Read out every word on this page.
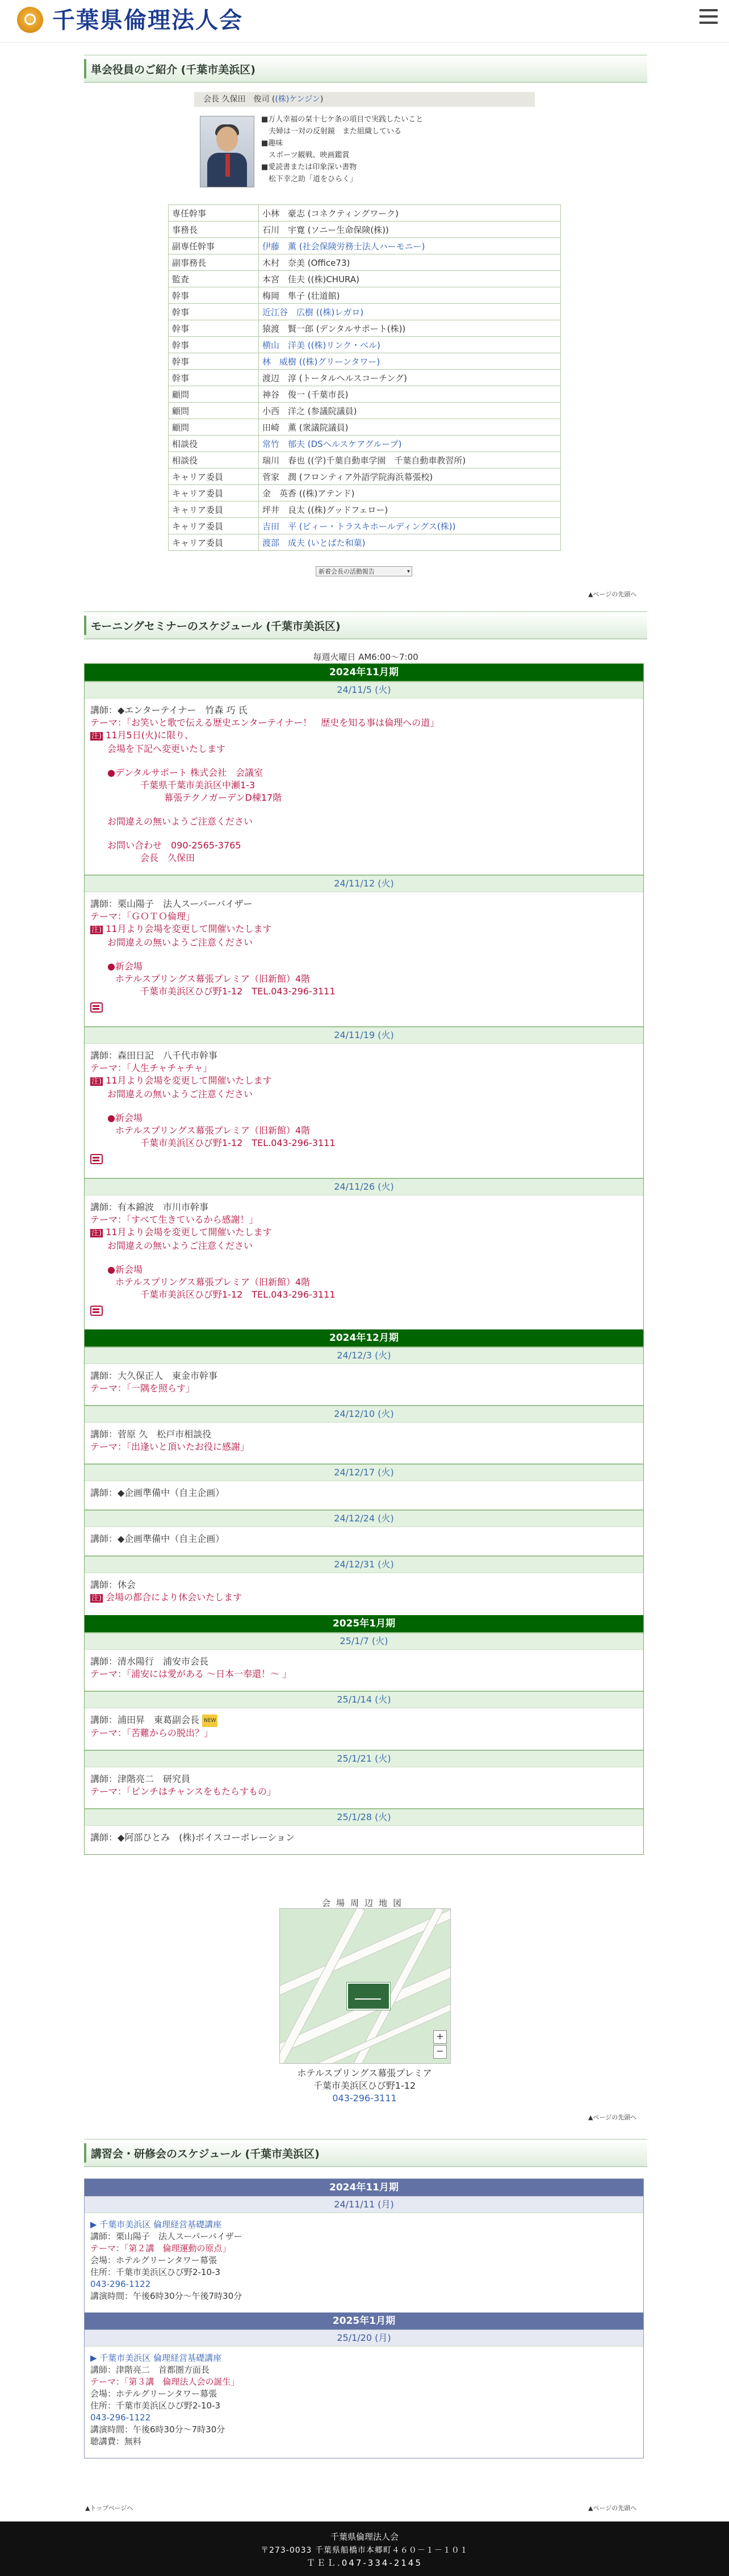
千葉県倫理法人会
単会役員のご紹介 (千葉市美浜区)
会長 久保田　俊司 ((株)ケンジン)
■万人幸福の栞十七ケ条の項目で実践したいこと
　夫婦は一対の反射鏡　また組織している
■趣味
　スポーツ観戦、映画鑑賞
■愛読書または印象深い書物
　松下幸之助「道をひらく」
専任幹事	小林　豪志 (コネクティングワーク)
事務長	石川　宇寛 (ソニー生命保険(株))
副専任幹事	伊藤　薫 (社会保険労務士法人ハーモニー)
副事務長	木村　奈美 (Office73)
監査	本宮　佳夫 ((株)CHURA)
幹事	梅岡　隼子 (壮道館)
幹事	近江谷　広樹 ((株)レガロ)
幹事	猿渡　賢一郎 (デンタルサポート(株))
幹事	横山　洋美 ((株)リンク・ベル)
幹事	林　威樹 ((株)グリーンタワー)
幹事	渡辺　淳 (トータルヘルスコーチング)
顧問	神谷　俊一 (千葉市長)
顧問	小西　洋之 (参議院議員)
顧問	田崎　薫 (衆議院議員)
相談役	常竹　郁夫 (DSヘルスケアグループ)
相談役	瑞川　春也 ((学)千葉自動車学園　千葉自動車教習所)
キャリア委員	菅家　潤 (フロンティア外語学院海浜幕張校)
キャリア委員	金　英香 ((株)アテンド)
キャリア委員	坪井　良太 ((株)グッドフェロー)
キャリア委員	吉田　平 (ビィー・トラスキホールディングス(株))
キャリア委員	渡部　成夫 (いとばた和菓)
新着会長の活動報告 ▾
▲ページの先頭へ
モーニングセミナーのスケジュール (千葉市美浜区)
毎週火曜日 AM6:00〜7:00
2024年11月期
24/11/5 (火)
講師：◆エンターテイナー　竹森 巧 氏
テーマ：「お笑いと歌で伝える歴史エンターテイナー！　歴史を知る事は倫理への道」
注) 11月5日(火)に限り、
会場を下記へ変更いたします
●デンタルサポート 株式会社　会議室
千葉県千葉市美浜区中瀬1-3
幕張テクノガーデンD棟17階
お間違えの無いようご注意ください
お問い合わせ　090-2565-3765
会長　久保田
24/11/12 (火)
講師：栗山陽子　法人スーパーバイザー
テーマ：「ＧＯＴＯ倫理」
注) 11月より会場を変更して開催いたします
お間違えの無いようご注意ください
●新会場
ホテルスプリングス幕張プレミア（旧新館）4階
千葉市美浜区ひび野1-12　TEL.043-296-3111
24/11/19 (火)
講師：森田日記　八千代市幹事
テーマ：「人生チャチャチャ」
注) 11月より会場を変更して開催いたします
お間違えの無いようご注意ください
●新会場
ホテルスプリングス幕張プレミア（旧新館）4階
千葉市美浜区ひび野1-12　TEL.043-296-3111
24/11/26 (火)
講師：有本錦波　市川市幹事
テーマ：「すべて生きているから感謝！」
注) 11月より会場を変更して開催いたします
お間違えの無いようご注意ください
●新会場
ホテルスプリングス幕張プレミア（旧新館）4階
千葉市美浜区ひび野1-12　TEL.043-296-3111
2024年12月期
24/12/3 (火)
講師：大久保正人　東金市幹事
テーマ：「一隅を照らす」
24/12/10 (火)
講師：菅原 久　松戸市相談役
テーマ：「出逢いと頂いたお役に感謝」
24/12/17 (火)
講師：◆企画準備中（自主企画）
24/12/24 (火)
講師：◆企画準備中（自主企画）
24/12/31 (火)
講師：休会
注) 会場の都合により休会いたします
2025年1月期
25/1/7 (火)
講師：清水陽行　浦安市会長
テーマ：「浦安には愛がある ～日本一奉還！～ 」
25/1/14 (火)
講師：浦田昇　東葛副会長 NEW
テーマ：「苦難からの脱出？」
25/1/21 (火)
講師：津階亮二　研究員
テーマ：「ピンチはチャンスをもたらすもの」
25/1/28 (火)
講師：◆阿部ひとみ　(株)ボイスコーポレーション
会場周辺地図
+
−
ホテルスプリングス幕張プレミア
千葉市美浜区ひび野1-12
043-296-3111
▲ページの先頭へ
講習会・研修会のスケジュール (千葉市美浜区)
2024年11月期
24/11/11 (月)
▶ 千葉市美浜区 倫理経営基礎講座
講師：栗山陽子　法人スーパーバイザー
テーマ：「第２講　倫理運動の原点」
会場：ホテルグリーンタワー幕張
住所：千葉市美浜区ひび野2-10-3
043-296-1122
講演時間：午後6時30分〜午後7時30分
2025年1月期
25/1/20 (月)
▶ 千葉市美浜区 倫理経営基礎講座
講師：津階亮二　首都圏方面長
テーマ：「第３講　倫理法人会の誕生」
会場：ホテルグリーンタワー幕張
住所：千葉市美浜区ひび野2-10-3
043-296-1122
講演時間：午後6時30分〜7時30分
聴講費：無料
▲トップページへ	▲ページの先頭へ
千葉県倫理法人会
〒273-0033 千葉県船橋市本郷町４６０－１－１０１
ＴＥＬ.047-334-2145
